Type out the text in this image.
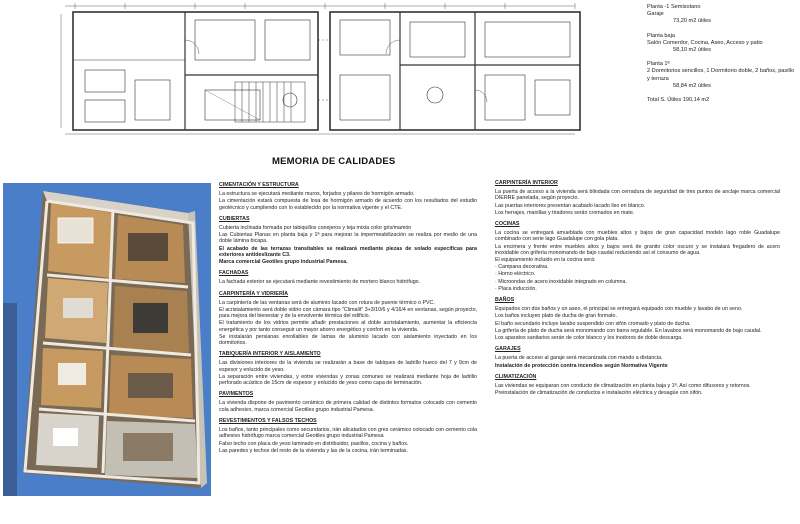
Planta -1 Semisotano
Garaje
73,20 m2 útiles
Planta baja
Salón Comerdor, Cocina, Aseo, Acceso y patio
58,10 m2 útiles
Planta 1ª
2 Dormitorios sencillos, 1 Dormitorio doble, 2 baños, pasillo y terraza
58,84 m2 útiles
Total S. Útiles 190,14 m2
MEMORIA DE CALIDADES
CIMENTACIÓN Y ESTRUCTURA
La estructura se ejecutará mediante muros, forjados y pilares de hormigón armado.
La cimentación estará compuesta de losa de hormigón armado de acuerdo con los resultados del estudio geotécnico y cumpliendo con lo establecido por la normativa vigente y el CTE.
CUBIERTAS
Cubierta inclinada formada por tabiquillos conejeros y teja mixta color gris/mamón
Las Cubiertas Planas en planta baja y 1ª para mejorar la impermeabilización se realiza por medio de una doble lámina bicapa.
El acabado de las terrazas transitables se realizará mediante piezas de solado específicas para exteriores antideslizante C3.
Marca comercial Geotiles grupo industrial Pamesa.
FACHADAS
La fachada exterior se ejecutará mediante revestimiento de mortero blanco hidrófugo.
CARPINTERÍA Y VIDRIERÍA
La carpintería de las ventanas será de aluminio lacado con rotura de puente térmico o PVC.
El acristalamiento será doble vidrio con cámara tipo "Climalit" 3+3/10/6 y 4/16/4 en ventanas, según proyecto, para mejora del bienestar y de la envolvente térmica del edificio.
El tratamiento de los vidrios permite añadir prestaciones al doble acristalamiento, aumentar la eficiencia energética y por tanto conseguir un mayor ahorro energético y confort en la vivienda.
Se instalarán persianas enrollables de lamas de aluminio lacado con aislamiento inyectado en los dormitorios.
TABIQUERÍA INTERIOR Y AISLAMIENTO
Las divisiones interiores de la vivienda se realizarán a base de tabiques de ladrillo hueco del 7 y 9cm de espesor y enlucido de yeso.
La separación entre viviendas, y entre viviendas y zonas comunes se realizará mediante hoja de ladrillo perforado acústico de 15cm de espesor y enlucido de yeso como capa de terminación.
PAVIMENTOS
La vivienda dispone de pavimento cerámico de primera calidad de distintos formatos colocado con cemento cola adhesivo, marca comercial Geotiles grupo industrial Pamesa.
REVESTIMIENTOS Y FALSOS TECHOS
Los baños, tanto principales como secundarios, irán alicatados con gres cerámico colocado con cemento cola adhesivo hidrófugo marca comercial Geotiles grupo industrial Pamesa
Falso techo con placa de yeso laminado en distribuidor, pasillos, cocina y baños.
Las paredes y techos del resto de la vivienda y las de la cocina, irán terminadas.
CARPINTERÍA INTERIOR
La puerta de acceso a la vivienda será blindada con cerradura de seguridad de tres puntos de anclaje marca comercial DIERRE panelada, según proyecto.
Las puertas interiores presentan acabado lacado liso en blanco.
Los herrajes, manillas y tiradores serán cromados en mate.
COCINAS
La cocina se entregará amueblada con muebles altos y bajos de gran capacidad modelo lago roble Guadalupe combinado con serie lago Guadalupe con gola plata.
La encimera y frente entre muebles altos y bajos será de granito color oscuro y se instalará fregadero de acero inoxidable con grifería monomando de bajo caudal reduciendo así el consumo de agua.
El equipamiento incluido en la cocina será:
· Campana decorativa.
· Horno eléctrico.
· Microondas de acero inoxidable integrado en columna.
· Placa inducción.
BAÑOS
Equipados con dos baños y un aseo, el principal se entregará equipado con mueble y lavabo de un seno.
Los baños incluyen plato de ducha de gran formato.
El baño secundario incluye lavabo suspendido con sifón cromado y plato de ducha.
La grifería de plato de ducha será monomando con barra regulable. En lavabos será monomando de bajo caudal.
Los aparatos sanitarios serán de color blanco y los inodoros de doble descarga.
GARAJES
La puerta de acceso al garaje será mecanizada con mando a distancia.
Instalación de protección contra incendios según Normativa Vigente
CLIMATIZACIÓN
Las viviendas se equiparan con conducto de climatización en planta baja y 1ª. Así como difusores y retornos.
Preinstalación de climatización de conductos e instalación eléctrica y desagüe con sifón.
